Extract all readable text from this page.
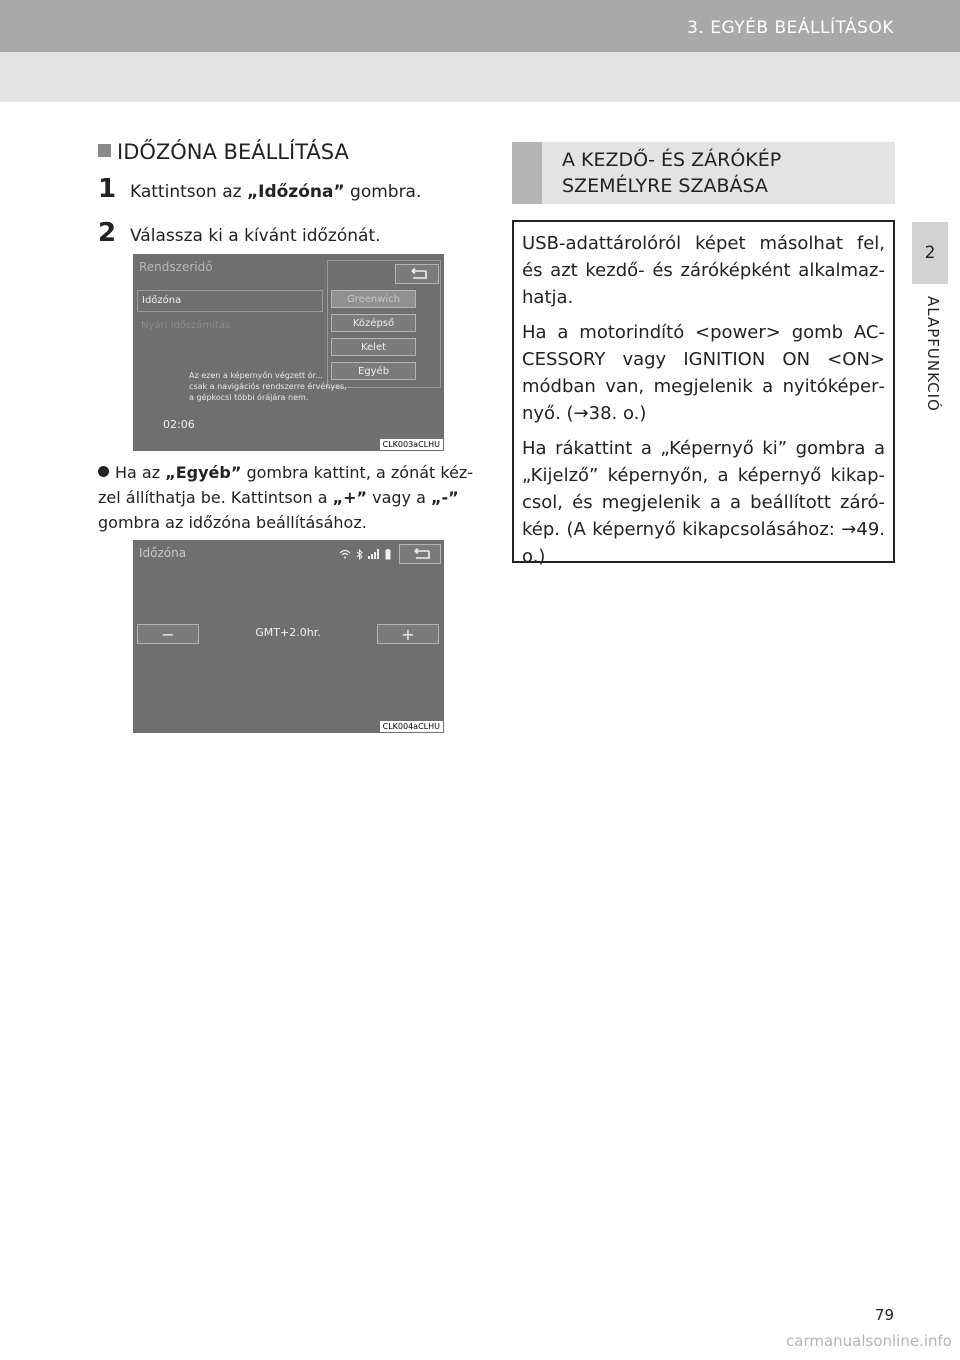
3. EGYÉB BEÁLLÍTÁSOK
2
ALAPFUNKCIÓ
IDŐZÓNA BEÁLLÍTÁSA
1 Kattintson az „Időzóna” gombra.
2 Válassza ki a kívánt időzónát.
Rendszeridő
Időzóna
Nyári időszámítás
Greenwich
Középső
Kelet
Egyéb
Az ezen a képernyőn végzett ór...
csak a navigációs rendszerre érvényes,
a gépkocsi többi órájára nem.
02:06
CLK003aCLHU
Ha az „Egyéb” gombra kattint, a zónát kézzel állíthatja be. Kattintson a „+” vagy a „-” gombra az időzóna beállításához.
Időzóna
−	GMT+2.0hr.	+
CLK004aCLHU
A KEZDŐ- ÉS ZÁRÓKÉP
SZEMÉLYRE SZABÁSA

USB-adattárolóról képet másolhat fel, és azt kezdő- és záróképként alkalmazhatja.

Ha a motorindító <power> gomb ACCESSORY vagy IGNITION ON <ON> módban van, megjelenik a nyitóképernyő. (→38. o.)

Ha rákattint a „Képernyő ki” gombra a „Kijelző” képernyőn, a képernyő kikapcsol, és megjelenik a a beállított zárókép. (A képernyő kikapcsolásához: →49. o.)

79
carmanualsonline.info
